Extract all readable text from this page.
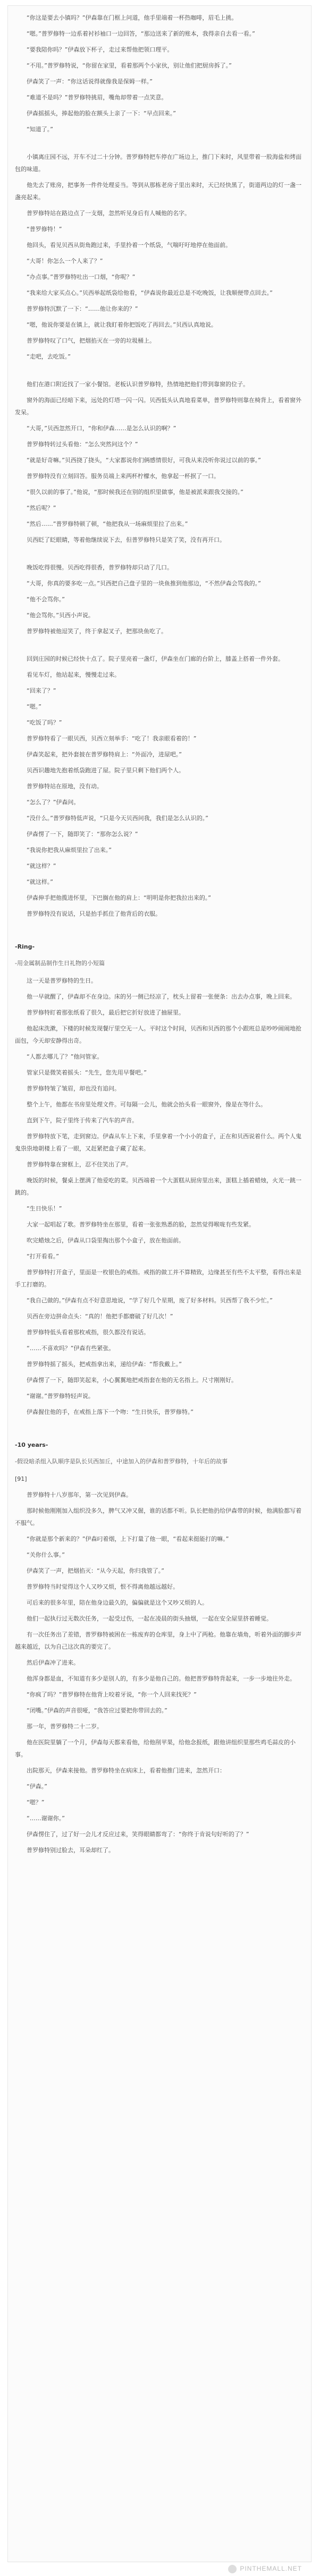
“你这是要去小镇吗？”伊森靠在门框上问道，他手里端着一杯热咖啡，眉毛上挑。

“嗯。”普罗修特一边系着衬衫袖口一边回答，“那边送来了新的账本，我得亲自去看一看。”

“要我陪你吗？”伊森放下杯子，走过来帮他把领口理平。

“不用。”普罗修特说，“你留在家里，看着那两个小家伙，别让他们把厨房拆了。”

伊森笑了一声：“你这话说得就像我是保姆一样。”

“难道不是吗？”普罗修特挑眉，嘴角却带着一点笑意。

伊森摇摇头，捧起他的脸在额头上亲了一下：“早点回来。”

“知道了。”

小镇离庄园不远，开车不过二十分钟。普罗修特把车停在广场边上，推门下来时，风里带着一股海盐和烤面包的味道。

他先去了账房，把事务一件件处理妥当。等到从那栋老房子里出来时，天已经快黑了，街道两边的灯一盏一盏亮起来。

普罗修特站在路边点了一支烟，忽然听见身后有人喊他的名字。

“普罗修特！”

他回头，看见贝西从街角跑过来，手里拎着一个纸袋，气喘吁吁地停在他面前。

“大哥！你怎么一个人来了？”

“办点事。”普罗修特吐出一口烟，“你呢？”

“我来给大家买点心。”贝西举起纸袋给他看，“伊森说你最近总是不吃晚饭，让我顺便带点回去。”

普罗修特沉默了一下：“……他让你来的？”

“嗯，他说你要是在镇上，就让我盯着你把饭吃了再回去。”贝西认真地说。

普罗修特叹了口气，把烟掐灭在一旁的垃圾桶上。

“走吧，去吃饭。”

他们在港口附近找了一家小餐馆。老板认识普罗修特，热情地把他们带到靠窗的位子。

窗外的海面已经暗下来，远处的灯塔一闪一闪。贝西低头认真地看菜单，普罗修特则靠在椅背上，看着窗外发呆。

“大哥，”贝西忽然开口，“你和伊森……是怎么认识的啊？”

普罗修特转过头看他：“怎么突然问这个？”

“就是好奇嘛。”贝西挠了挠头，“大家都说你们俩感情很好，可我从来没听你说过以前的事。”

普罗修特没有立刻回答。服务员端上来两杯柠檬水，他拿起一杯抿了一口。

“很久以前的事了。”他说，“那时候我还在别的组织里做事，他是被派来跟我交接的。”

“然后呢？”

“然后……”普罗修特顿了顿，“他把我从一场麻烦里拉了出来。”

贝西眨了眨眼睛，等着他继续说下去，但普罗修特只是笑了笑，没有再开口。

晚饭吃得很慢。贝西吃得很香，普罗修特却只动了几口。

“大哥，你真的要多吃一点。”贝西把自己盘子里的一块鱼推到他那边，“不然伊森会骂我的。”

“他不会骂你。”

“他会骂你。”贝西小声说。

普罗修特被他逗笑了，终于拿起叉子，把那块鱼吃了。

回到庄园的时候已经快十点了。院子里亮着一盏灯，伊森坐在门廊的台阶上，膝盖上搭着一件外套。

看见车灯，他站起来，慢慢走过来。

“回来了？”

“嗯。”

“吃饭了吗？”

普罗修特看了一眼贝西，贝西立刻举手：“吃了！我亲眼看着的！”

伊森笑起来，把外套披在普罗修特肩上：“外面冷，进屋吧。”

贝西识趣地先抱着纸袋跑进了屋。院子里只剩下他们两个人。

普罗修特站在原地，没有动。

“怎么了？”伊森问。

“没什么。”普罗修特低声说，“只是今天贝西问我，我们是怎么认识的。”

伊森愣了一下，随即笑了：“那你怎么说？”

“我说你把我从麻烦里拉了出来。”

“就这样？”

“就这样。”

伊森伸手把他揽进怀里，下巴搁在他的肩上：“明明是你把我拉出来的。”

普罗修特没有说话，只是抬手抓住了他背后的衣服。

-Ring-

-用金属制品制作生日礼物的小短篇

这一天是普罗修特的生日。

他一早就醒了，伊森却不在身边。床的另一侧已经凉了，枕头上留着一张便条：出去办点事，晚上回来。

普罗修特盯着那张纸看了很久，最后把它折好放进了抽屉里。

他起床洗漱，下楼的时候发现餐厅里空无一人。平时这个时间，贝西和贝西的那个小跟班总是吵吵闹闹地抢面包，今天却安静得出奇。

“人都去哪儿了？”他问管家。

管家只是微笑着摇头：“先生，您先用早餐吧。”

普罗修特皱了皱眉，却也没有追问。

整个上午，他都在书房里处理文件。可每隔一会儿，他就会抬头看一眼窗外，像是在等什么。

直到下午，院子里终于传来了汽车的声音。

普罗修特放下笔，走到窗边。伊森从车上下来，手里拿着一个小小的盒子，正在和贝西说着什么。两个人鬼鬼祟祟地朝楼上看了一眼，又赶紧把盒子藏了起来。

普罗修特靠在窗框上，忍不住笑出了声。

晚饭的时候，餐桌上摆满了他爱吃的菜。贝西端着一个大蛋糕从厨房里出来，蛋糕上插着蜡烛，火光一跳一跳的。

“生日快乐！”

大家一起唱起了歌。普罗修特坐在那里，看着一张张熟悉的脸，忽然觉得喉咙有些发紧。

吹完蜡烛之后，伊森从口袋里掏出那个小盒子，放在他面前。

“打开看看。”

普罗修特打开盒子，里面是一枚银色的戒指。戒指的做工并不算精致，边缘甚至有些不太平整，看得出来是手工打磨的。

“我自己做的。”伊森有点不好意思地说，“学了好几个星期，废了好多材料。贝西帮了我不少忙。”

贝西在旁边拼命点头：“真的！他把手都磨破了好几次！”

普罗修特低头看着那枚戒指，很久都没有说话。

“……不喜欢吗？”伊森有些紧张。

普罗修特摇了摇头，把戒指拿出来，递给伊森：“帮我戴上。”

伊森愣了一下，随即笑起来，小心翼翼地把戒指套在他的无名指上。尺寸刚刚好。

“谢谢。”普罗修特轻声说。

伊森握住他的手，在戒指上落下一个吻：“生日快乐，普罗修特。”

-10 years-

-假设暗杀组入队顺序是队长贝西加丘，中途加入的伊森和普罗修特，十年后的故事

[91]

普罗修特十八岁那年，第一次见到伊森。

那时候他刚刚加入组织没多久，脾气又冲又倔，谁的话都不听。队长把他扔给伊森带的时候，他满脸都写着不服气。

“你就是那个新来的？”伊森叼着烟，上下打量了他一眼，“看起来挺能打的嘛。”

“关你什么事。”

伊森笑了一声，把烟掐灭：“从今天起，你归我管了。”

普罗修特当时觉得这个人又吵又烦，恨不得离他越远越好。

可后来的很多年里，陪在他身边最久的，偏偏就是这个又吵又烦的人。

他们一起执行过无数次任务，一起受过伤，一起在凌晨的街头抽烟，一起在安全屋里挤着睡觉。

有一次任务出了差错，普罗修特被困在一栋废弃的仓库里，身上中了两枪。他靠在墙角，听着外面的脚步声越来越近，以为自己这次真的要完了。

然后伊森冲了进来。

他浑身都是血，不知道有多少是别人的，有多少是他自己的。他把普罗修特背起来，一步一步地往外走。

“你疯了吗？”普罗修特在他背上咬着牙说，“你一个人回来找死？”

“闭嘴。”伊森的声音很哑，“我答应过要把你带回去的。”

那一年，普罗修特二十二岁。

他在医院里躺了一个月，伊森每天都来看他，给他削苹果，给他念报纸，跟他讲组织里那些鸡毛蒜皮的小事。

出院那天，伊森来接他。普罗修特坐在病床上，看着他推门进来，忽然开口：

“伊森。”

“嗯？”

“……谢谢你。”

伊森愣住了，过了好一会儿才反应过来，笑得眼睛都弯了：“你终于肯说句好听的了？”

普罗修特别过脸去，耳朵却红了。

PINTHEMALL.NET
